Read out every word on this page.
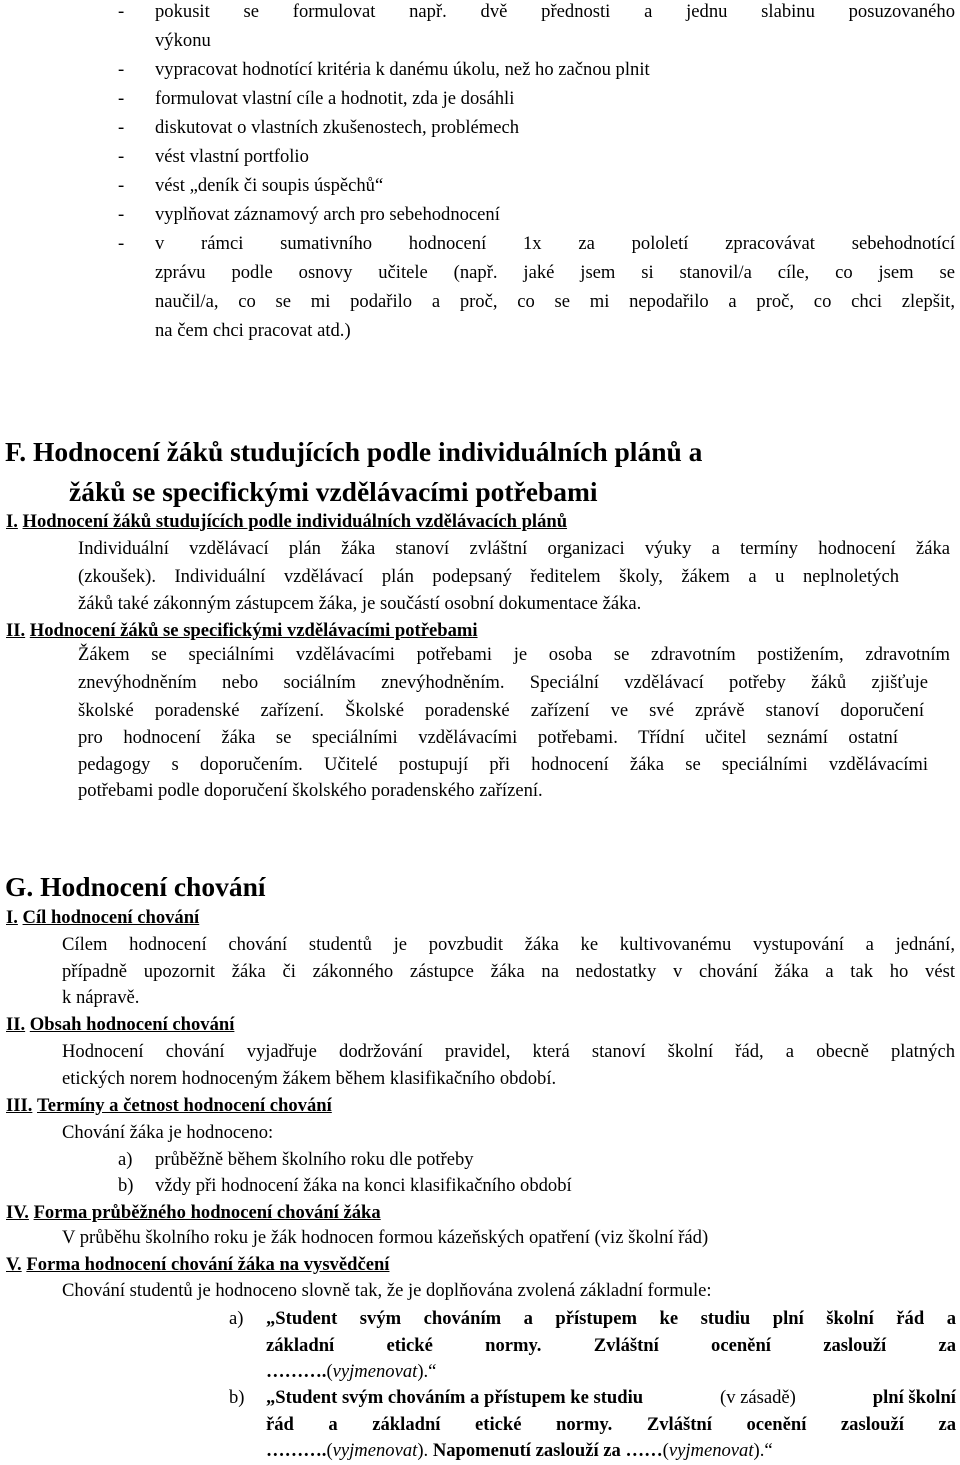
- pokusit se formulovat např. dvě přednosti a jednu slabinu posuzovaného
výkonu
- vypracovat hodnotící kritéria k danému úkolu, než ho začnou plnit
- formulovat vlastní cíle a hodnotit, zda je dosáhli
- diskutovat o vlastních zkušenostech, problémech
- vést vlastní portfolio
- vést „deník či soupis úspěchů“
- vyplňovat záznamový arch pro sebehodnocení
- v rámci sumativního hodnocení 1x za pololetí zpracovávat sebehodnotící
zprávu podle osnovy učitele (např. jaké jsem si stanovil/a cíle, co jsem se
naučil/a, co se mi podařilo a proč, co se mi nepodařilo a proč, co chci zlepšit,
na čem chci pracovat atd.)
F. Hodnocení žáků studujících podle individuálních plánů a
žáků se specifickými vzdělávacími potřebami
I. Hodnocení žáků studujících podle individuálních vzdělávacích plánů
Individuální vzdělávací plán žáka stanoví zvláštní organizaci výuky a termíny hodnocení žáka
(zkoušek). Individuální vzdělávací plán podepsaný ředitelem školy, žákem a u neplnoletých
žáků také zákonným zástupcem žáka, je součástí osobní dokumentace žáka.
II. Hodnocení žáků se specifickými vzdělávacími potřebami
Žákem se speciálními vzdělávacími potřebami je osoba se zdravotním postižením, zdravotním
znevýhodněním nebo sociálním znevýhodněním. Speciální vzdělávací potřeby žáků zjišťuje
školské poradenské zařízení. Školské poradenské zařízení ve své zprávě stanoví doporučení
pro hodnocení žáka se speciálními vzdělávacími potřebami. Třídní učitel seznámí ostatní
pedagogy s doporučením. Učitelé postupují při hodnocení žáka se speciálními vzdělávacími
potřebami podle doporučení školského poradenského zařízení.
G. Hodnocení chování
I. Cíl hodnocení chování
Cílem hodnocení chování studentů je povzbudit žáka ke kultivovanému vystupování a jednání,
případně upozornit žáka či zákonného zástupce žáka na nedostatky v chování žáka a tak ho vést
k nápravě.
II. Obsah hodnocení chování
Hodnocení chování vyjadřuje dodržování pravidel, která stanoví školní řád, a obecně platných
etických norem hodnoceným žákem během klasifikačního období.
III. Termíny a četnost hodnocení chování
Chování žáka je hodnoceno:
a) průběžně během školního roku dle potřeby
b) vždy při hodnocení žáka na konci klasifikačního období
IV. Forma průběžného hodnocení chování žáka
V průběhu školního roku je žák hodnocen formou kázeňských opatření (viz školní řád)
V. Forma hodnocení chování žáka na vysvědčení
Chování studentů je hodnoceno slovně tak, že je doplňována zvolená základní formule:
a) „Student svým chováním a přístupem ke studiu plní školní řád a
základní etické normy. Zvláštní ocenění zaslouží za
……….(vyjmenovat).“
b) „Student svým chováním a přístupem ke studiu	(v zásadě)	plní školní
řád a základní etické normy. Zvláštní ocenění zaslouží za
……….(vyjmenovat). Napomenutí zaslouží za ……(vyjmenovat).“
